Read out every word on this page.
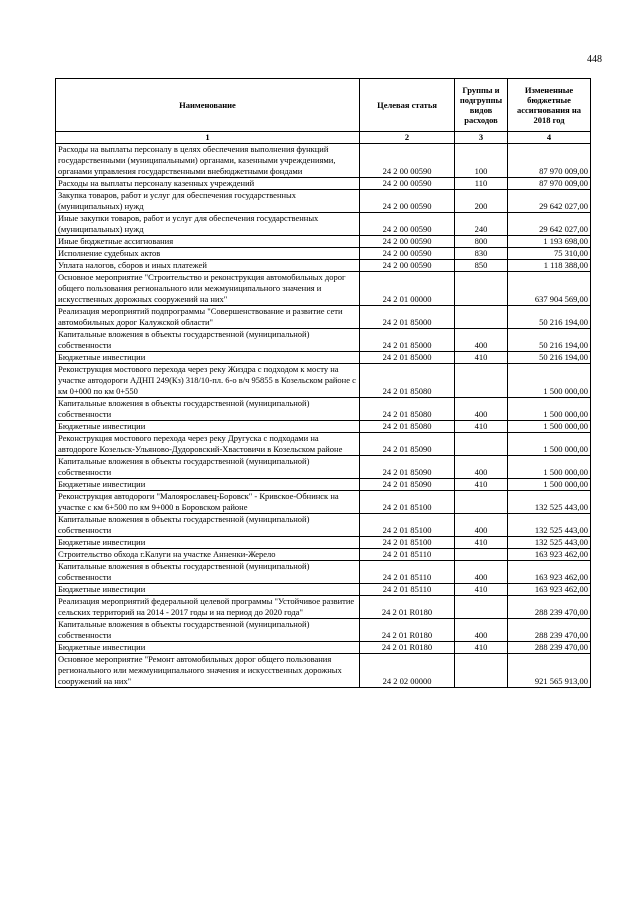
448
Наименование	Целевая статья	Группы и подгруппы видов расходов	Измененные бюджетные ассигнования на 2018 год
1	2	3	4
Расходы на выплаты персоналу в целях обеспечения выполнения функций государственными (муниципальными) органами, казенными учреждениями, органами управления государственными внебюджетными фондами	24 2 00 00590	100	87 970 009,00
Расходы на выплаты персоналу казенных учреждений	24 2 00 00590	110	87 970 009,00
Закупка товаров, работ и услуг для обеспечения государственных (муниципальных) нужд	24 2 00 00590	200	29 642 027,00
Иные закупки товаров, работ и услуг для обеспечения государственных (муниципальных) нужд	24 2 00 00590	240	29 642 027,00
Иные бюджетные ассигнования	24 2 00 00590	800	1 193 698,00
Исполнение судебных актов	24 2 00 00590	830	75 310,00
Уплата налогов, сборов и иных платежей	24 2 00 00590	850	1 118 388,00
Основное мероприятие "Строительство и реконструкция автомобильных дорог общего пользования регионального или межмуниципального значения и искусственных дорожных сооружений на них"	24 2 01 00000		637 904 569,00
Реализация мероприятий подпрограммы "Совершенствование и развитие сети автомобильных дорог Калужской области"	24 2 01 85000		50 216 194,00
Капитальные вложения в объекты государственной (муниципальной) собственности	24 2 01 85000	400	50 216 194,00
Бюджетные инвестиции	24 2 01 85000	410	50 216 194,00
Реконструкция мостового перехода через реку Жиздра с подходом к мосту на участке автодороги АДНП 249(Кз) 318/10-пл. 6-о в/ч 95855 в Козельском районе с км 0+000 по км 0+550	24 2 01 85080		1 500 000,00
Капитальные вложения в объекты государственной (муниципальной) собственности	24 2 01 85080	400	1 500 000,00
Бюджетные инвестиции	24 2 01 85080	410	1 500 000,00
Реконструкция мостового перехода через реку Другуска с подходами на автодороге Козельск-Ульяново-Дудоровский-Хвастовичи в Козельском районе	24 2 01 85090		1 500 000,00
Капитальные вложения в объекты государственной (муниципальной) собственности	24 2 01 85090	400	1 500 000,00
Бюджетные инвестиции	24 2 01 85090	410	1 500 000,00
Реконструкция автодороги "Малоярославец-Боровск" - Кривское-Обнинск на участке с км 6+500 по км 9+000 в Боровском районе	24 2 01 85100		132 525 443,00
Капитальные вложения в объекты государственной (муниципальной) собственности	24 2 01 85100	400	132 525 443,00
Бюджетные инвестиции	24 2 01 85100	410	132 525 443,00
Строительство обхода г.Калуги на участке Анненки-Жерело	24 2 01 85110		163 923 462,00
Капитальные вложения в объекты государственной (муниципальной) собственности	24 2 01 85110	400	163 923 462,00
Бюджетные инвестиции	24 2 01 85110	410	163 923 462,00
Реализация мероприятий федеральной целевой программы "Устойчивое развитие сельских территорий на 2014 - 2017 годы и на период до 2020 года"	24 2 01 R0180		288 239 470,00
Капитальные вложения в объекты государственной (муниципальной) собственности	24 2 01 R0180	400	288 239 470,00
Бюджетные инвестиции	24 2 01 R0180	410	288 239 470,00
Основное мероприятие "Ремонт автомобильных дорог общего пользования регионального или межмуниципального значения и искусственных дорожных сооружений на них"	24 2 02 00000		921 565 913,00
